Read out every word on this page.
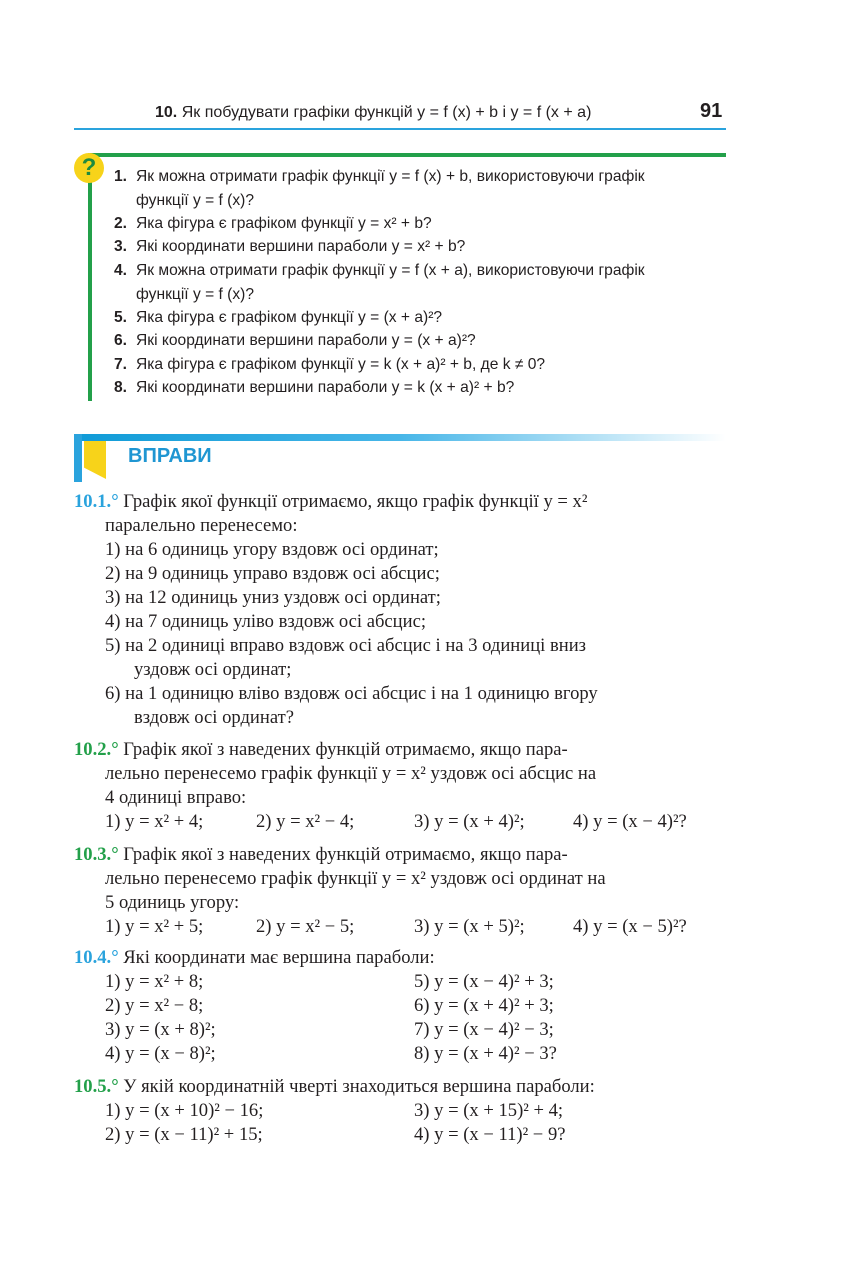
10. Як побудувати графіки функцій y = f (x) + b і y = f (x + a)	91
?	1. Як можна отримати графік функції y = f (x) + b, використовуючи графік
функції y = f (x)?
2. Яка фігура є графіком функції y = x² + b?
3. Які координати вершини параболи y = x² + b?
4. Як можна отримати графік функції y = f (x + a), використовуючи графік
функції y = f (x)?
5. Яка фігура є графіком функції y = (x + a)²?
6. Які координати вершини параболи y = (x + a)²?
7. Яка фігура є графіком функції y = k (x + a)² + b, де k ≠ 0?
8. Які координати вершини параболи y = k (x + a)² + b?
ВПРАВИ
10.1.° Графік якої функції отримаємо, якщо графік функції y = x²
паралельно перенесемо:
1) на 6 одиниць угору вздовж осі ординат;
2) на 9 одиниць управо вздовж осі абсцис;
3) на 12 одиниць униз уздовж осі ординат;
4) на 7 одиниць уліво вздовж осі абсцис;
5) на 2 одиниці вправо вздовж осі абсцис і на 3 одиниці вниз
уздовж осі ординат;
6) на 1 одиницю вліво вздовж осі абсцис і на 1 одиницю вгору
вздовж осі ординат?
10.2.° Графік якої з наведених функцій отримаємо, якщо пара-
лельно перенесемо графік функції y = x² уздовж осі абсцис на
4 одиниці вправо:
1) y = x² + 4;	2) y = x² − 4;	3) y = (x + 4)²;	4) y = (x − 4)²?
10.3.° Графік якої з наведених функцій отримаємо, якщо пара-
лельно перенесемо графік функції y = x² уздовж осі ординат на
5 одиниць угору:
1) y = x² + 5;	2) y = x² − 5;	3) y = (x + 5)²;	4) y = (x − 5)²?
10.4.° Які координати має вершина параболи:
1) y = x² + 8;
2) y = x² − 8;
3) y = (x + 8)²;
4) y = (x − 8)²;
5) y = (x − 4)² + 3;
6) y = (x + 4)² + 3;
7) y = (x − 4)² − 3;
8) y = (x + 4)² − 3?
10.5.° У якій координатній чверті знаходиться вершина параболи:
1) y = (x + 10)² − 16;
2) y = (x − 11)² + 15;
3) y = (x + 15)² + 4;
4) y = (x − 11)² − 9?
